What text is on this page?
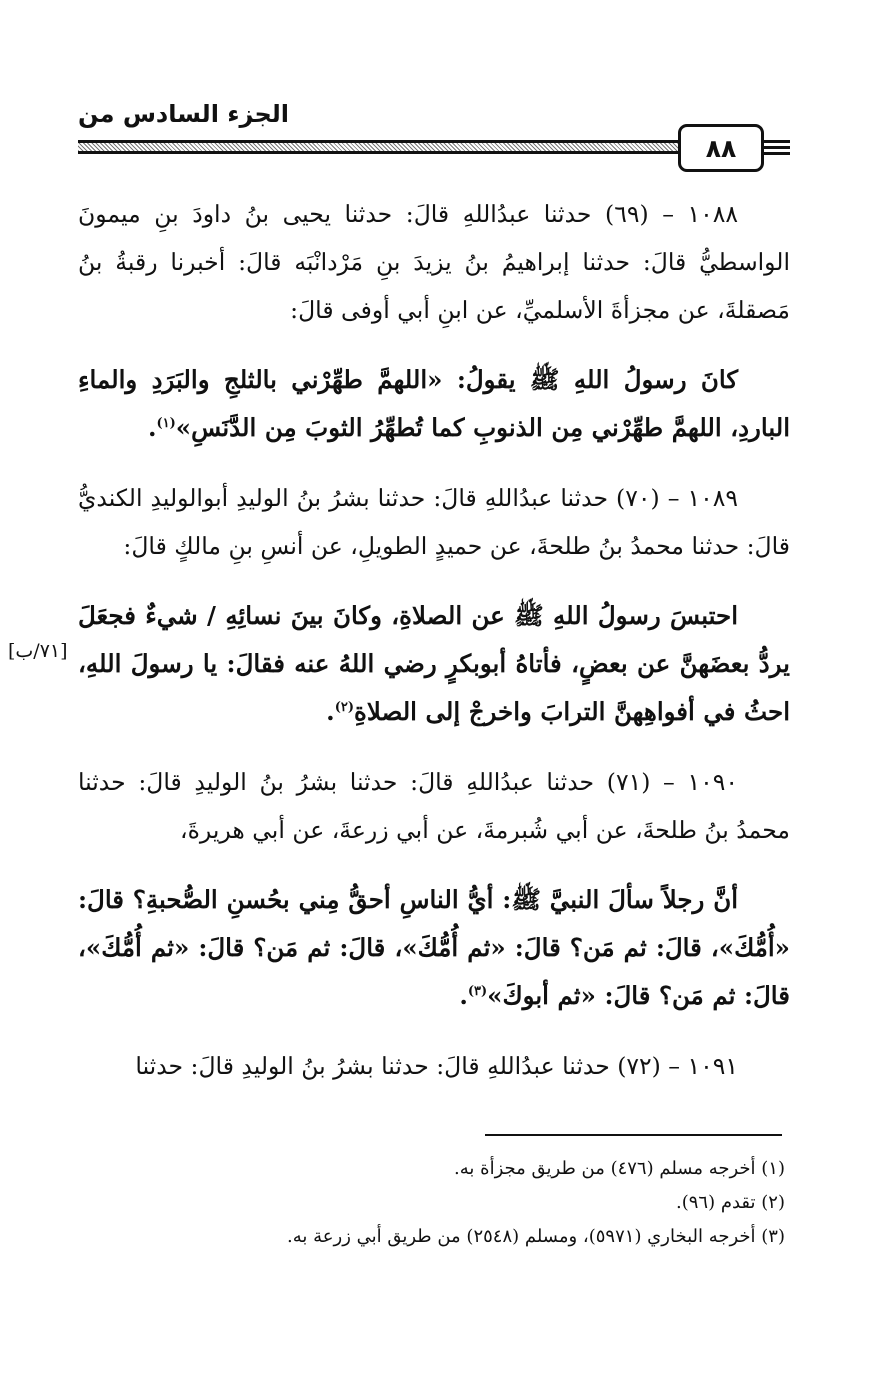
الجزء السادس من
٨٨
[٧١/ب]

١٠٨٨ – (٦٩) حدثنا عبدُاللهِ قالَ: حدثنا يحيى بنُ داودَ بنِ ميمونَ الواسطيُّ قالَ: حدثنا إبراهيمُ بنُ يزيدَ بنِ مَرْدانْبَه قالَ: أخبرنا رقبةُ بنُ مَصقلةَ، عن مجزأةَ الأسلميِّ، عن ابنِ أبي أوفى قالَ:

كانَ رسولُ اللهِ ﷺ يقولُ: «اللهمَّ طهِّرْني بالثلجِ والبَرَدِ والماءِ الباردِ، اللهمَّ طهِّرْني مِن الذنوبِ كما تُطهِّرُ الثوبَ مِن الدَّنَسِ»$^{(١)}$.

١٠٨٩ – (٧٠) حدثنا عبدُاللهِ قالَ: حدثنا بشرُ بنُ الوليدِ أبوالوليدِ الكنديُّ قالَ: حدثنا محمدُ بنُ طلحةَ، عن حميدٍ الطويلِ، عن أنسِ بنِ مالكٍ قالَ:

احتبسَ رسولُ اللهِ ﷺ عن الصلاةِ، وكانَ بينَ نسائِهِ / شيءٌ فجعَلَ يردُّ بعضَهنَّ عن بعضٍ، فأتاهُ أبوبكرٍ رضي اللهُ عنه فقالَ: يا رسولَ اللهِ، احثُ في أفواهِهنَّ الترابَ واخرجْ إلى الصلاةِ$^{(٢)}$.

١٠٩٠ – (٧١) حدثنا عبدُاللهِ قالَ: حدثنا بشرُ بنُ الوليدِ قالَ: حدثنا محمدُ بنُ طلحةَ، عن أبي شُبرمةَ، عن أبي زرعةَ، عن أبي هريرةَ،

أنَّ رجلاً سألَ النبيَّ ﷺ: أيُّ الناسِ أحقُّ مِني بحُسنِ الصُّحبةِ؟ قالَ: «أُمُّكَ»، قالَ: ثم مَن؟ قالَ: «ثم أُمُّكَ»، قالَ: ثم مَن؟ قالَ: «ثم أُمُّكَ»، قالَ: ثم مَن؟ قالَ: «ثم أبوكَ»$^{(٣)}$.

١٠٩١ – (٧٢) حدثنا عبدُاللهِ قالَ: حدثنا بشرُ بنُ الوليدِ قالَ: حدثنا

(١) أخرجه مسلم (٤٧٦) من طريق مجزأة به.
(٢) تقدم (٩٦).
(٣) أخرجه البخاري (٥٩٧١)، ومسلم (٢٥٤٨) من طريق أبي زرعة به.
